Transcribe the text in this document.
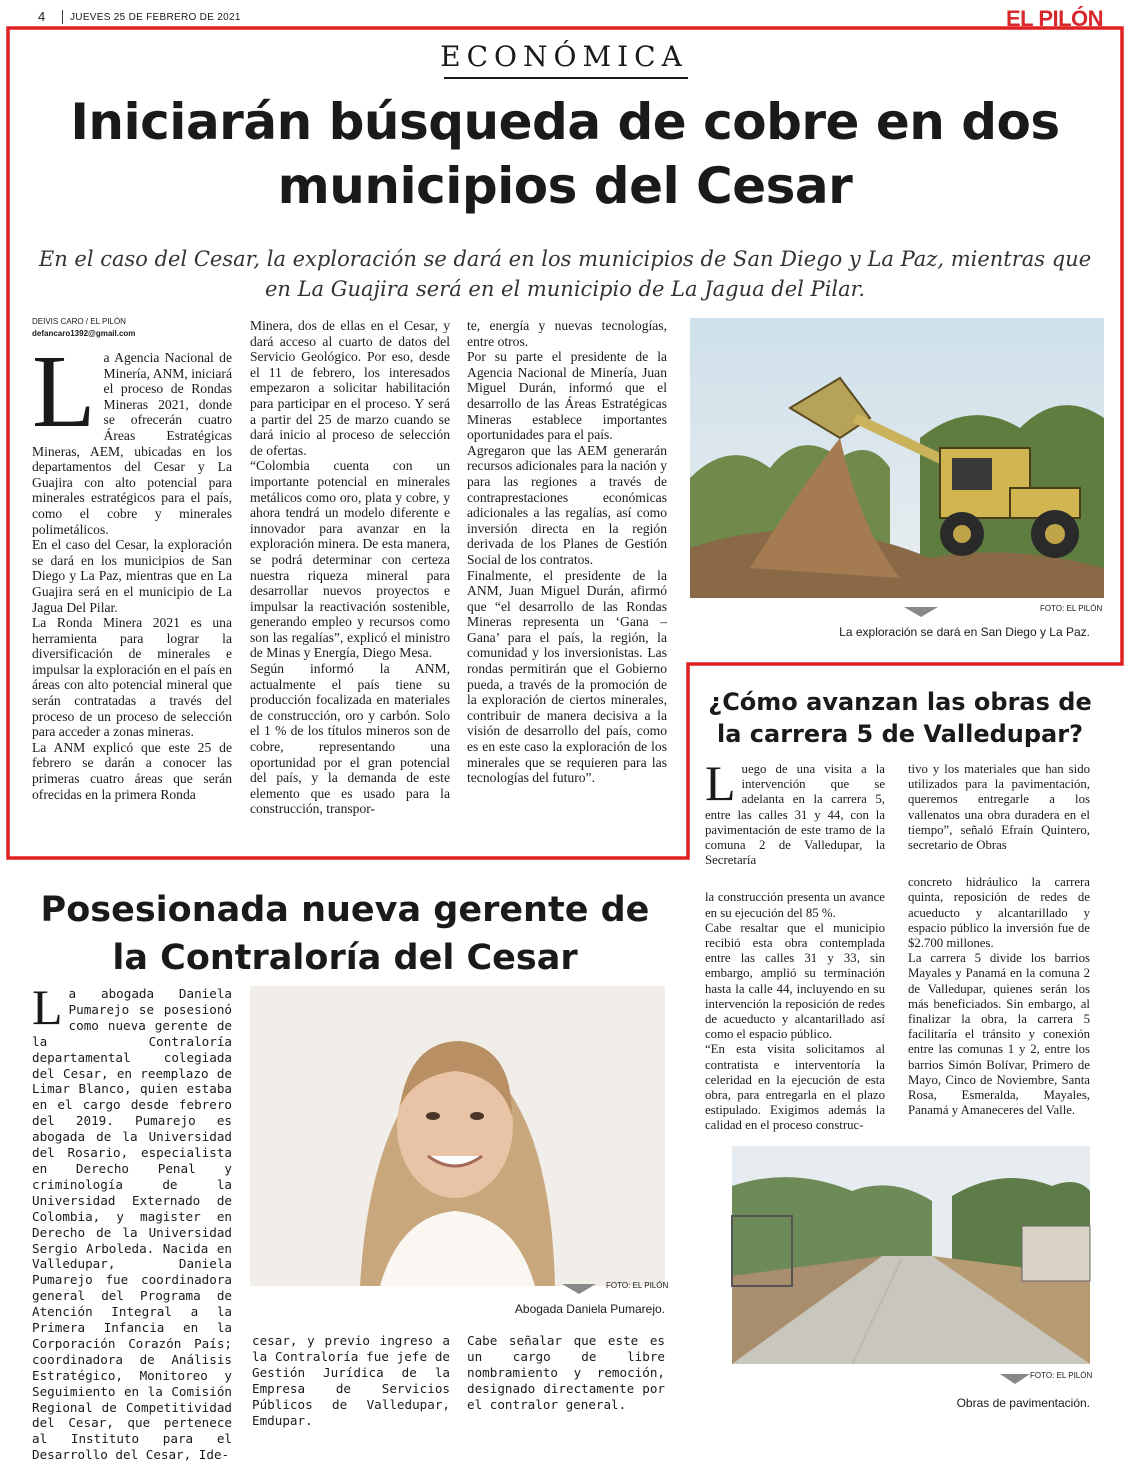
4 JUEVES 25 DE FEBRERO DE 2021	EL PILÓN
ECONÓMICA
Iniciarán búsqueda de cobre en dos municipios del Cesar
En el caso del Cesar, la exploración se dará en los municipios de San Diego y La Paz, mientras que en La Guajira será en el municipio de La Jagua del Pilar.
DEIVIS CARO / EL PILÓN
defancaro1392@gmail.com
L a Agencia Nacional de Minería, ANM, iniciará el proceso de Rondas Mineras 2021, donde se ofrecerán cuatro Áreas Estratégicas Mineras, AEM, ubicadas en los departamentos del Cesar y La Guajira con alto potencial para minerales estratégicos para el país, como el cobre y minerales polimetálicos.

En el caso del Cesar, la exploración se dará en los municipios de San Diego y La Paz, mientras que en La Guajira será en el municipio de La Jagua Del Pilar.

La Ronda Minera 2021 es una herramienta para lograr la diversificación de minerales e impulsar la exploración en el país en áreas con alto potencial mineral que serán contratadas a través del proceso de un proceso de selección para acceder a zonas mineras.

La ANM explicó que este 25 de febrero se darán a conocer las primeras cuatro áreas que serán ofrecidas en la primera Ronda

Minera, dos de ellas en el Cesar, y dará acceso al cuarto de datos del Servicio Geológico. Por eso, desde el 11 de febrero, los interesados empezaron a solicitar habilitación para participar en el proceso. Y será a partir del 25 de marzo cuando se dará inicio al proceso de selección de ofertas.

“Colombia cuenta con un importante potencial en minerales metálicos como oro, plata y cobre, y ahora tendrá un modelo diferente e innovador para avanzar en la exploración minera. De esta manera, se podrá determinar con certeza nuestra riqueza mineral para desarrollar nuevos proyectos e impulsar la reactivación sostenible, generando empleo y recursos como son las regalías”, explicó el ministro de Minas y Energía, Diego Mesa.

Según informó la ANM, actualmente el país tiene su producción focalizada en materiales de construcción, oro y carbón. Solo el 1 % de los títulos mineros son de cobre, representando una oportunidad por el gran potencial del país, y la demanda de este elemento que es usado para la construcción, transpor-

te, energía y nuevas tecnologías, entre otros.

Por su parte el presidente de la Agencia Nacional de Minería, Juan Miguel Durán, informó que el desarrollo de las Áreas Estratégicas Mineras establece importantes oportunidades para el país.

Agregaron que las AEM generarán recursos adicionales para la nación y para las regiones a través de contraprestaciones económicas adicionales a las regalías, así como inversión directa en la región derivada de los Planes de Gestión Social de los contratos.

Finalmente, el presidente de la ANM, Juan Miguel Durán, afirmó que “el desarrollo de las Rondas Mineras representa un ‘Gana – Gana’ para el país, la región, la comunidad y los inversionistas. Las rondas permitirán que el Gobierno pueda, a través de la promoción de la exploración de ciertos minerales, contribuir de manera decisiva a la visión de desarrollo del país, como es en este caso la exploración de los minerales que se requieren para las tecnologías del futuro”.

FOTO: EL PILÓN
La exploración se dará en San Diego y La Paz.
¿Cómo avanzan las obras de la carrera 5 de Valledupar?
L uego de una visita a la intervención que se adelanta en la carrera 5, entre las calles 31 y 44, con la pavimentación de este tramo de la comuna 2 de Valledupar, la Secretaría

la construcción presenta un avance en su ejecución del 85 %.

Cabe resaltar que el municipio recibió esta obra contemplada entre las calles 31 y 33, sin embargo, amplió su terminación hasta la calle 44, incluyendo en su intervención la reposición de redes de acueducto y alcantarillado así como el espacio público.

“En esta visita solicitamos al contratista e interventoría la celeridad en la ejecución de esta obra, para entregarla en el plazo estipulado. Exigimos además la calidad en el proceso construc-

tivo y los materiales que han sido utilizados para la pavimentación, queremos entregarle a los vallenatos una obra duradera en el tiempo”, señaló Efraín Quintero, secretario de Obras

concreto hidráulico la carrera quinta, reposición de redes de acueducto y alcantarillado y espacio público la inversión fue de $2.700 millones.

La carrera 5 divide los barrios Mayales y Panamá en la comuna 2 de Valledupar, quienes serán los más beneficiados. Sin embargo, al finalizar la obra, la carrera 5 facilitaría el tránsito y conexión entre las comunas 1 y 2, entre los barrios Simón Bolívar, Primero de Mayo, Cinco de Noviembre, Santa Rosa, Esmeralda, Mayales, Panamá y Amaneceres del Valle.

FOTO: EL PILÓN
Obras de pavimentación.
Posesionada nueva gerente de la Contraloría del Cesar
L a abogada Daniela Pumarejo se posesionó como nueva gerente de la Contraloría departamental colegiada del Cesar, en reemplazo de Limar Blanco, quien estaba en el cargo desde febrero del 2019. Pumarejo es abogada de la Universidad del Rosario, especialista en Derecho Penal y criminología de la Universidad Externado de Colombia, y magister en Derecho de la Universidad Sergio Arboleda. Nacida en Valledupar, Daniela Pumarejo fue coordinadora general del Programa de Atención Integral a la Primera Infancia en la Corporación Corazón País; coordinadora de Análisis Estratégico, Monitoreo y Seguimiento en la Comisión Regional de Competitividad del Cesar, que pertenece al Instituto para el Desarrollo del Cesar, Ide-

FOTO: EL PILÓN
Abogada Daniela Pumarejo.

cesar, y previo ingreso a la Contraloría fue jefe de Gestión Jurídica de la Empresa de Servicios Públicos de Valledupar, Emdupar.

Cabe señalar que este es un cargo de libre nombramiento y remoción, designado directamente por el contralor general.
